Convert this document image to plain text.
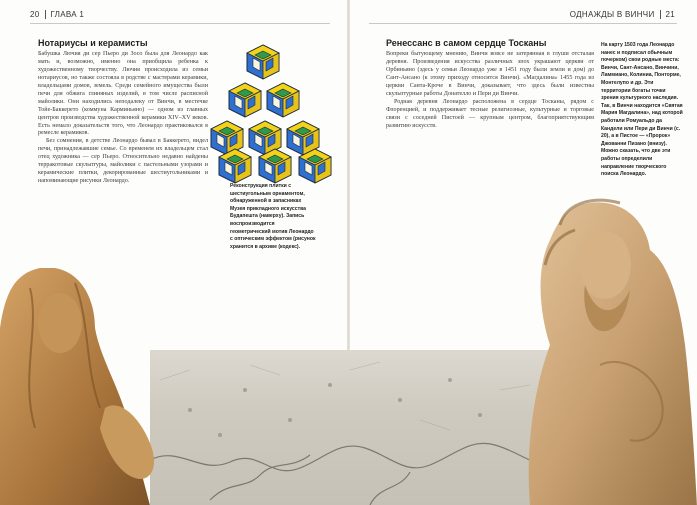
20 ГЛАВА 1	ОДНАЖДЫ В ВИНЧИ 21
Нотариусы и керамисты

Бабушка Лючия ди сер Пьеро ди Зосо была для Леонардо как мать и, возможно, именно она приобщила ребенка к художественному творчеству. Лючия происходила из семьи нотариусов, но также состояла в родстве с мастерами керамики, владельцами домов, земель. Среди семейного имущества были печи для обжига глиняных изделий, в том числе расписной майолики. Они находились неподалеку от Винчи, в местечке Тойе-Баккерето (коммуна Карминьяно) — одном из главных центров производства художественной керамики XIV–XV веков. Есть немало доказательств того, что Леонардо практиковался в ремесле керамиков.

Без сомнения, в детстве Леонардо бывал в Баккерето, видел печи, принадлежавшие семье. Со временем их владельцем стал отец художника — сер Пьеро. Относительно недавно найдены терракотовые скульптуры, майолики с пастельными узорами и керамические плитки, декорированные шестиугольниками и напоминающие рисунки Леонардо.

Реконструкция плитки с шестиугольным орнаментом, обнаруженной в запасниках Музея прикладного искусства Будапешта (наверху). Запись воспроизводится геометрический мотив Леонардо с оптическим эффектом (рисунок хранится в архиве (кодекс).
Ренессанс в самом сердце Тосканы

Вопреки бытующему мнению, Винчи вовсе не затерянная в глуши отсталая деревня. Произведения искусства различных эпох украшают церкви от Орбиньяно (здесь у семьи Леонардо уже в 1451 году были земли и дом) до Сант-Ансано (к этому приходу относится Винчи). «Магдалина» 1455 года из церкви Санта-Кроче в Винчи, доказывает, что здесь были известны скульптурные работы Донателло и Пери ди Винчи.

Родная деревня Леонардо расположена в сердце Тосканы, рядом с Флоренцией, и поддерживает тесные религиозные, культурные и торговые связи с соседней Пистоей — крупным центром, благоприятствующим развитию искусств.

На карту 1503 года Леонардо нанес и подписал обычным почерком) свои родные места: Винчи, Сант-Ансано, Винчини, Ламмиано, Колиниа, Понторме, Монтелупо и др. Эти территории богаты точки зрения культурного наследия. Так, в Винчи находится «Святая Мария Магдалина», над которой работали Ромуальдо да Кандели или Пери ди Винчи (с. 20), а в Пистое — «Пророк» Джованни Пизано (внизу). Можно сказать, что две эти работы определили направление творческого поиска Леонардо.
